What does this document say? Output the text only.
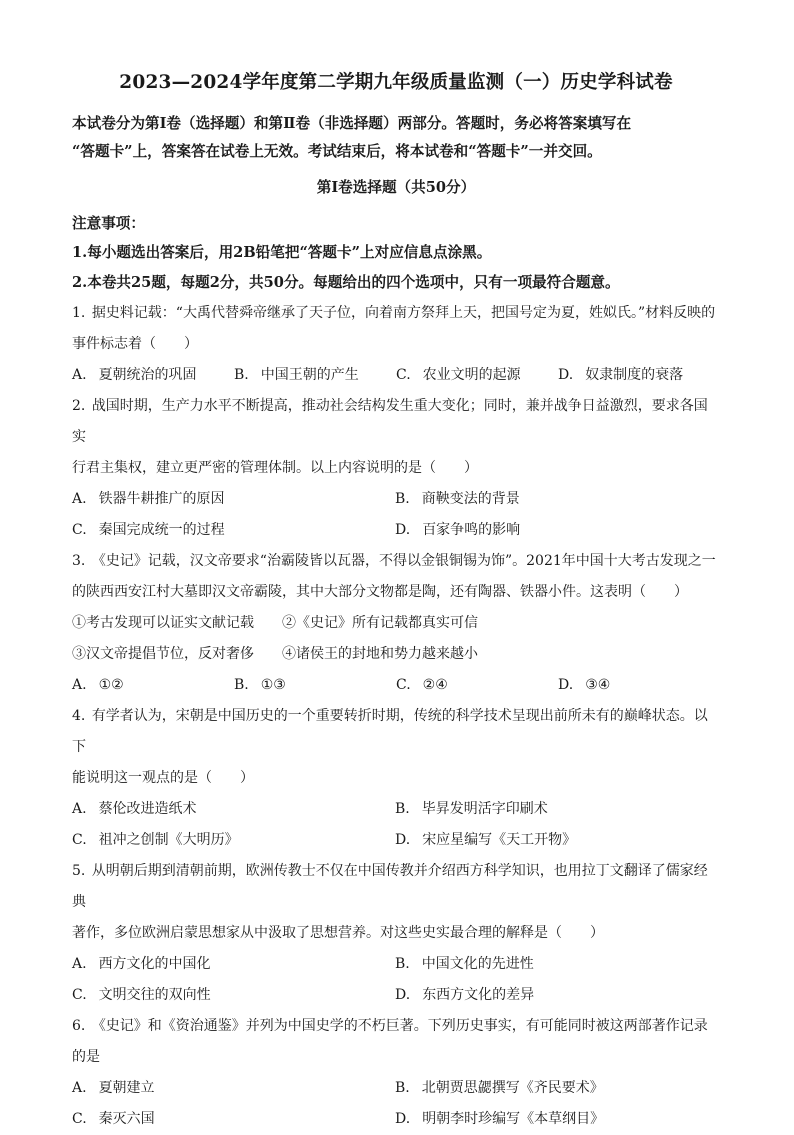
2023—2024学年度第二学期九年级质量监测（一）历史学科试卷

本试卷分为第Ⅰ卷（选择题）和第Ⅱ卷（非选择题）两部分。答题时，务必将答案填写在

“答题卡”上，答案答在试卷上无效。考试结束后，将本试卷和“答题卡”一并交回。

第Ⅰ卷选择题（共50分）
注意事项：

1.每小题选出答案后，用2B铅笔把“答题卡”上对应信息点涂黑。

2.本卷共25题，每题2分，共50分。每题给出的四个选项中，只有一项最符合题意。

1. 据史料记载：“大禹代替舜帝继承了天子位，向着南方祭拜上天，把国号定为夏，姓姒氏。”材料反映的

事件标志着（　　）

A. 夏朝统治的巩固	B. 中国王朝的产生	C. 农业文明的起源	D. 奴隶制度的衰落

2. 战国时期，生产力水平不断提高，推动社会结构发生重大变化；同时，兼并战争日益激烈，要求各国实

行君主集权，建立更严密的管理体制。以上内容说明的是（　　）

A. 铁器牛耕推广的原因	B. 商鞅变法的背景
C. 秦国完成统一的过程	D. 百家争鸣的影响

3. 《史记》记载，汉文帝要求“治霸陵皆以瓦器，不得以金银铜锡为饰”。2021年中国十大考古发现之一

的陕西西安江村大墓即汉文帝霸陵，其中大部分文物都是陶，还有陶器、铁器小件。这表明（　　）

①考古发现可以证实文献记载	②《史记》所有记载都真实可信
③汉文帝提倡节位，反对奢侈	④诸侯王的封地和势力越来越小
A. ①②	B. ①③	C. ②④	D. ③④

4. 有学者认为，宋朝是中国历史的一个重要转折时期，传统的科学技术呈现出前所未有的巅峰状态。以下

能说明这一观点的是（　　）

A. 蔡伦改进造纸术	B. 毕昇发明活字印刷术
C. 祖冲之创制《大明历》	D. 宋应星编写《天工开物》

5. 从明朝后期到清朝前期，欧洲传教士不仅在中国传教并介绍西方科学知识，也用拉丁文翻译了儒家经典

著作，多位欧洲启蒙思想家从中汲取了思想营养。对这些史实最合理的解释是（　　）

A. 西方文化的中国化	B. 中国文化的先进性
C. 文明交往的双向性	D. 东西方文化的差异

6. 《史记》和《资治通鉴》并列为中国史学的不朽巨著。下列历史事实，有可能同时被这两部著作记录的是

A. 夏朝建立	B. 北朝贾思勰撰写《齐民要术》
C. 秦灭六国	D. 明朝李时珍编写《本草纲目》
